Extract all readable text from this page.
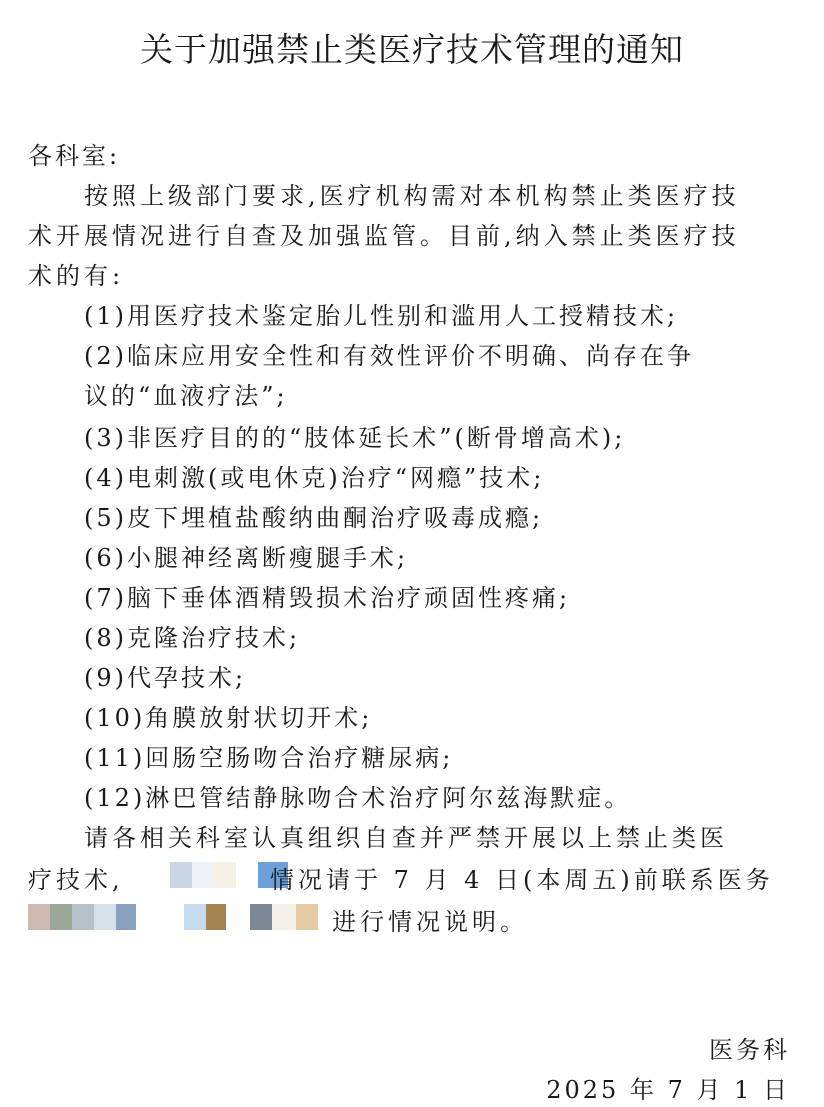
关于加强禁止类医疗技术管理的通知
各科室:
按照上级部门要求,医疗机构需对本机构禁止类医疗技
术开展情况进行自查及加强监管。目前,纳入禁止类医疗技
术的有:
(1)用医疗技术鉴定胎儿性别和滥用人工授精技术;
(2)临床应用安全性和有效性评价不明确、尚存在争
议的“血液疗法”;
(3)非医疗目的的“肢体延长术”(断骨增高术);
(4)电刺激(或电休克)治疗“网瘾”技术;
(5)皮下埋植盐酸纳曲酮治疗吸毒成瘾;
(6)小腿神经离断瘦腿手术;
(7)脑下垂体酒精毁损术治疗顽固性疼痛;
(8)克隆治疗技术;
(9)代孕技术;
(10)角膜放射状切开术;
(11)回肠空肠吻合治疗糖尿病;
(12)淋巴管结静脉吻合术治疗阿尔兹海默症。
请各相关科室认真组织自查并严禁开展以上禁止类医
疗技术,	情况请于 7 月 4 日(本周五)前联系医务
进行情况说明。
医务科
2025 年 7 月 1 日
